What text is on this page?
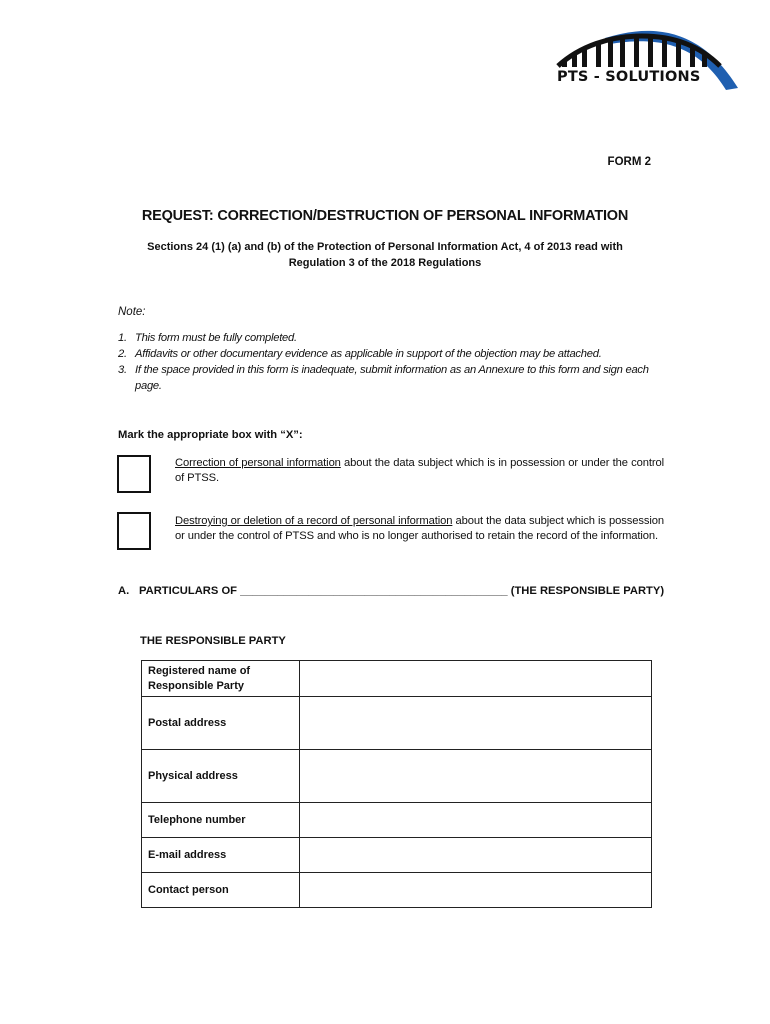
PTS - SOLUTIONS
FORM 2
REQUEST: CORRECTION/DESTRUCTION OF PERSONAL INFORMATION
Sections 24 (1) (a) and (b) of the Protection of Personal Information Act, 4 of 2013 read with
Regulation 3 of the 2018 Regulations
Note:
1. This form must be fully completed.
2. Affidavits or other documentary evidence as applicable in support of the objection may be attached.
3. If the space provided in this form is inadequate, submit information as an Annexure to this form and sign each page.
Mark the appropriate box with “X”:
Correction of personal information about the data subject which is in possession or under the control of PTSS.
Destroying or deletion of a record of personal information about the data subject which is possession or under the control of PTSS and who is no longer authorised to retain the record of the information.
A. PARTICULARS OF ___________________________________________ (THE RESPONSIBLE PARTY)
THE RESPONSIBLE PARTY
Registered name of Responsible Party	
Postal address	
Physical address	
Telephone number	
E-mail address	
Contact person	
